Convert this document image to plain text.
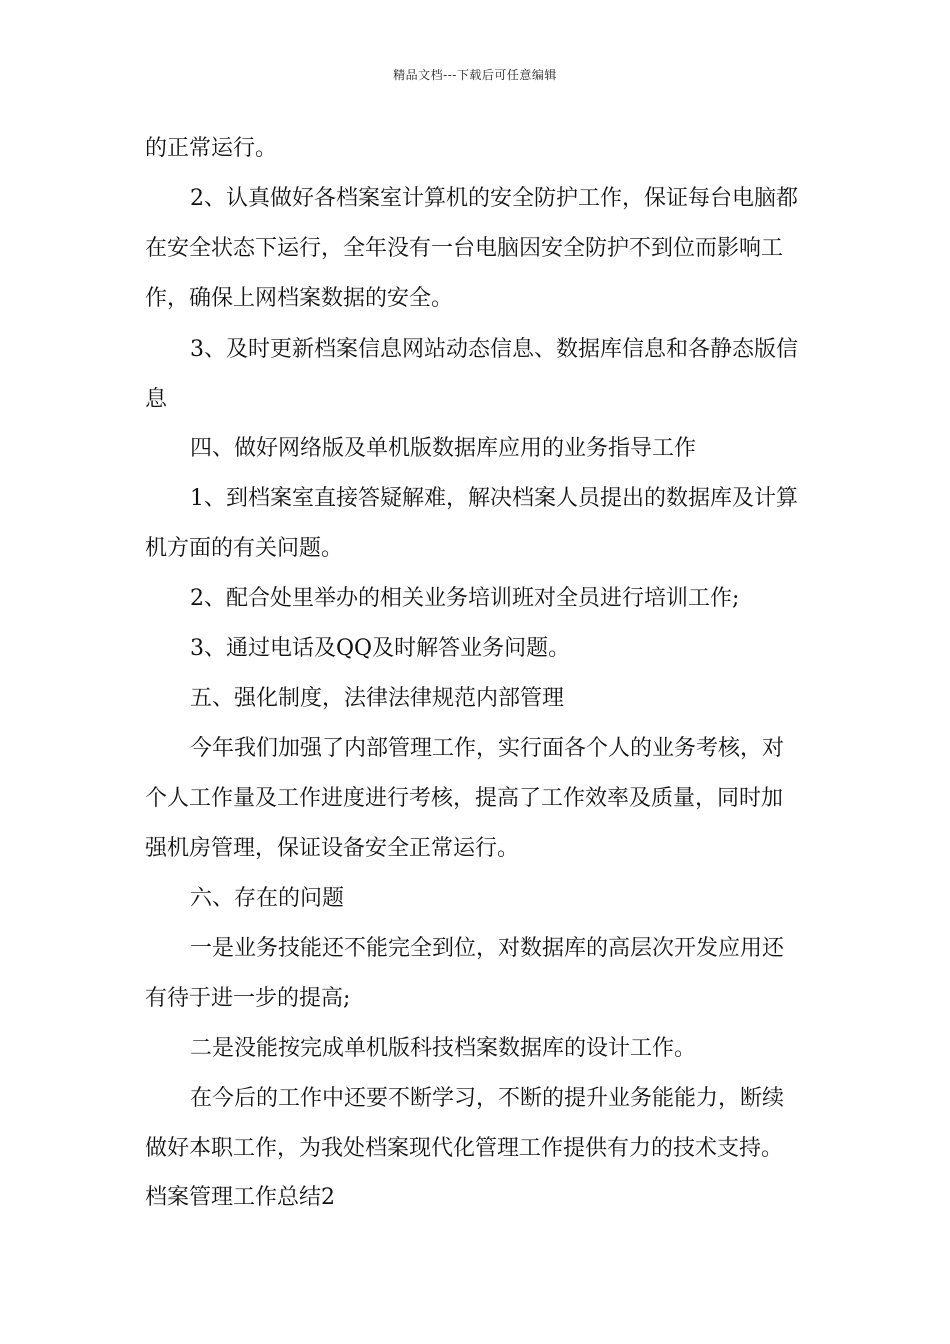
精品文档---下载后可任意编辑
的正常运行。
2、认真做好各档案室计算机的安全防护工作，保证每台电脑都
在安全状态下运行，全年没有一台电脑因安全防护不到位而影响工
作，确保上网档案数据的安全。
3、及时更新档案信息网站动态信息、数据库信息和各静态版信
息
四、做好网络版及单机版数据库应用的业务指导工作
1、到档案室直接答疑解难，解决档案人员提出的数据库及计算
机方面的有关问题。
2、配合处里举办的相关业务培训班对全员进行培训工作;
3、通过电话及QQ及时解答业务问题。
五、强化制度，法律法律规范内部管理
今年我们加强了内部管理工作，实行面各个人的业务考核，对
个人工作量及工作进度进行考核，提高了工作效率及质量，同时加
强机房管理，保证设备安全正常运行。
六、存在的问题
一是业务技能还不能完全到位，对数据库的高层次开发应用还
有待于进一步的提高;
二是没能按完成单机版科技档案数据库的设计工作。
在今后的工作中还要不断学习，不断的提升业务能能力，断续
做好本职工作，为我处档案现代化管理工作提供有力的技术支持。
档案管理工作总结2
